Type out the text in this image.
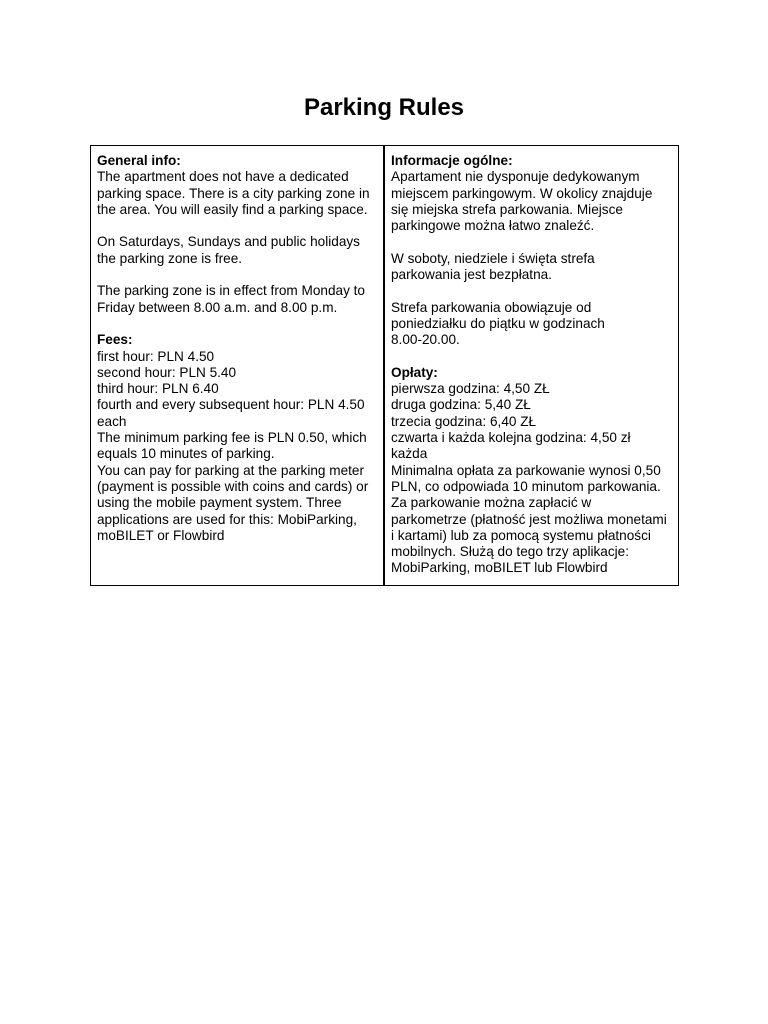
Parking Rules
General info:
The apartment does not have a dedicated
parking space. There is a city parking zone in
the area. You will easily find a parking space.
On Saturdays, Sundays and public holidays
the parking zone is free.
The parking zone is in effect from Monday to
Friday between 8.00 a.m. and 8.00 p.m.
Fees:
first hour: PLN 4.50
second hour: PLN 5.40
third hour: PLN 6.40
fourth and every subsequent hour: PLN 4.50
each
The minimum parking fee is PLN 0.50, which
equals 10 minutes of parking.
You can pay for parking at the parking meter
(payment is possible with coins and cards) or
using the mobile payment system. Three
applications are used for this: MobiParking,
moBILET or Flowbird
Informacje ogólne:
Apartament nie dysponuje dedykowanym
miejscem parkingowym. W okolicy znajduje
się miejska strefa parkowania. Miejsce
parkingowe można łatwo znaleźć.
W soboty, niedziele i święta strefa
parkowania jest bezpłatna.
Strefa parkowania obowiązuje od
poniedziałku do piątku w godzinach
8.00-20.00.
Opłaty:
pierwsza godzina: 4,50 ZŁ
druga godzina: 5,40 ZŁ
trzecia godzina: 6,40 ZŁ
czwarta i każda kolejna godzina: 4,50 zł
każda
Minimalna opłata za parkowanie wynosi 0,50
PLN, co odpowiada 10 minutom parkowania.
Za parkowanie można zapłacić w
parkometrze (płatność jest możliwa monetami
i kartami) lub za pomocą systemu płatności
mobilnych. Służą do tego trzy aplikacje:
MobiParking, moBILET lub Flowbird
